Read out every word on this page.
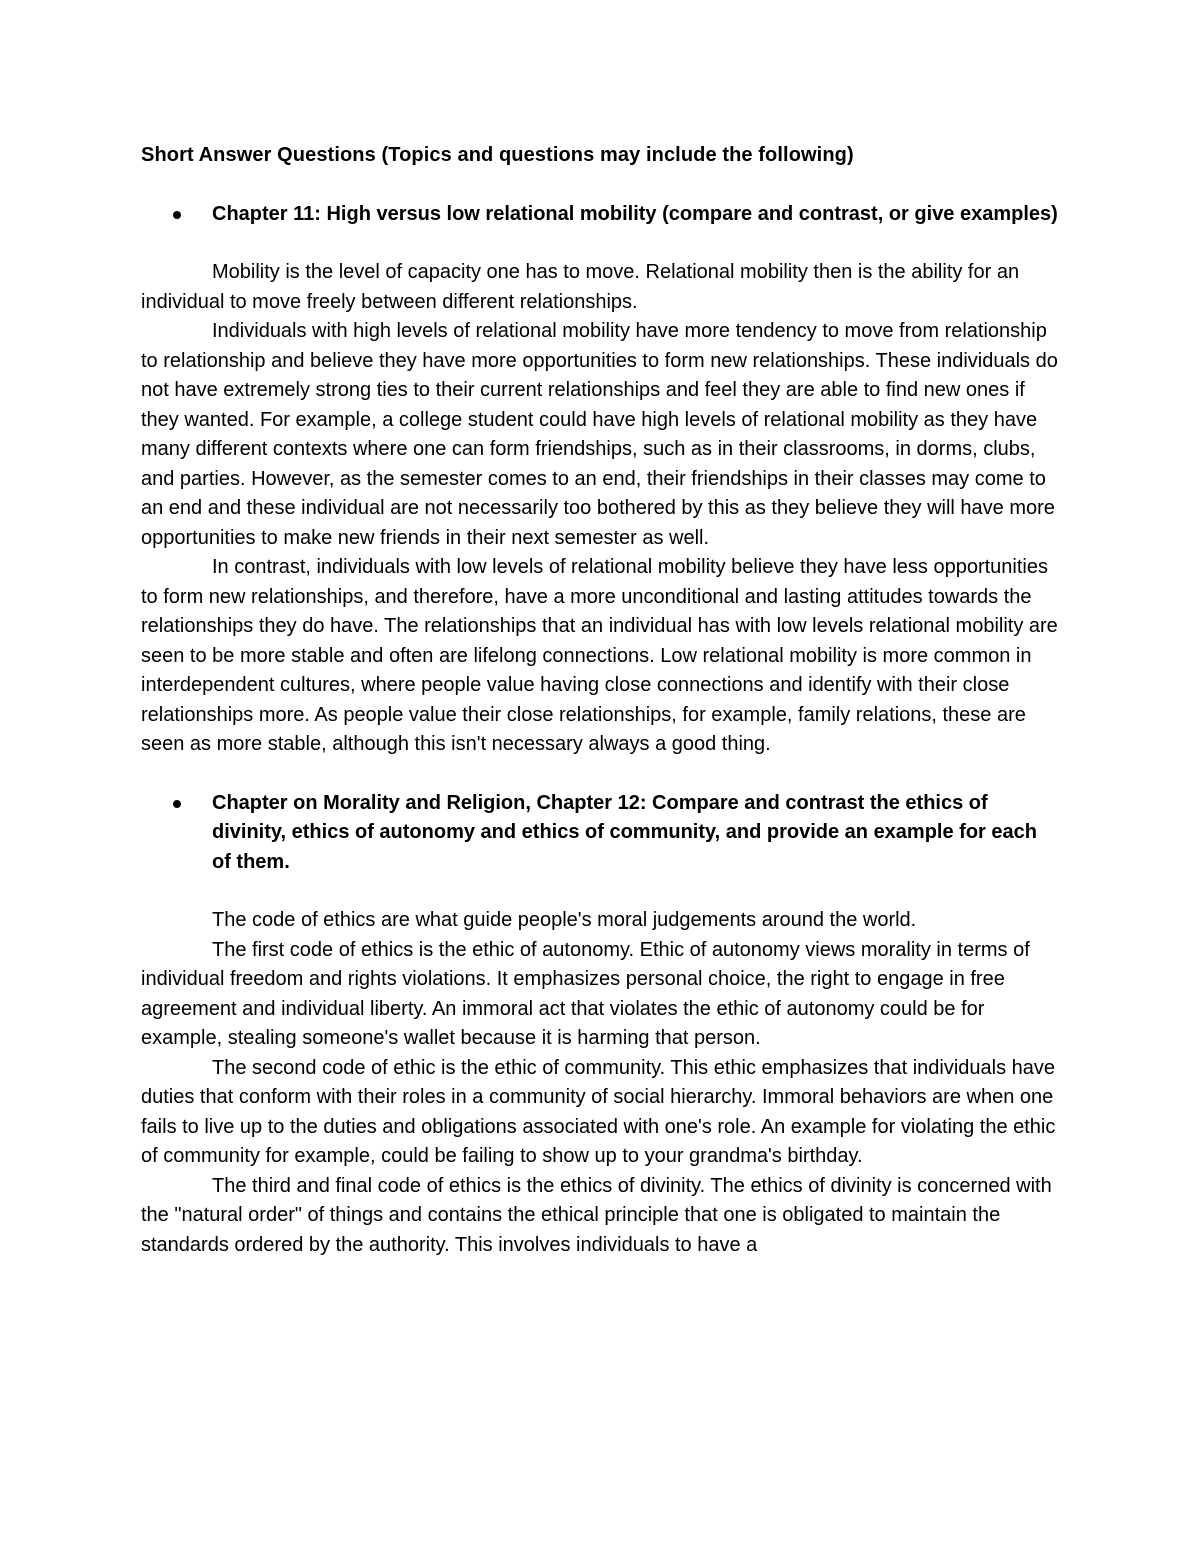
Short Answer Questions (Topics and questions may include the following)

Chapter 11: High versus low relational mobility (compare and contrast, or give examples)

Mobility is the level of capacity one has to move. Relational mobility then is the ability for an individual to move freely between different relationships.

Individuals with high levels of relational mobility have more tendency to move from relationship to relationship and believe they have more opportunities to form new relationships. These individuals do not have extremely strong ties to their current relationships and feel they are able to find new ones if they wanted. For example, a college student could have high levels of relational mobility as they have many different contexts where one can form friendships, such as in their classrooms, in dorms, clubs, and parties. However, as the semester comes to an end, their friendships in their classes may come to an end and these individual are not necessarily too bothered by this as they believe they will have more opportunities to make new friends in their next semester as well.

In contrast, individuals with low levels of relational mobility believe they have less opportunities to form new relationships, and therefore, have a more unconditional and lasting attitudes towards the relationships they do have. The relationships that an individual has with low levels relational mobility are seen to be more stable and often are lifelong connections. Low relational mobility is more common in interdependent cultures, where people value having close connections and identify with their close relationships more. As people value their close relationships, for example, family relations, these are seen as more stable, although this isn't necessary always a good thing.

Chapter on Morality and Religion, Chapter 12: Compare and contrast the ethics of divinity, ethics of autonomy and ethics of community, and provide an example for each of them.

The code of ethics are what guide people's moral judgements around the world.

The first code of ethics is the ethic of autonomy. Ethic of autonomy views morality in terms of individual freedom and rights violations. It emphasizes personal choice, the right to engage in free agreement and individual liberty. An immoral act that violates the ethic of autonomy could be for example, stealing someone's wallet because it is harming that person.

The second code of ethic is the ethic of community. This ethic emphasizes that individuals have duties that conform with their roles in a community of social hierarchy. Immoral behaviors are when one fails to live up to the duties and obligations associated with one's role. An example for violating the ethic of community for example, could be failing to show up to your grandma's birthday.

The third and final code of ethics is the ethics of divinity. The ethics of divinity is concerned with the "natural order" of things and contains the ethical principle that one is obligated to maintain the standards ordered by the authority. This involves individuals to have a
